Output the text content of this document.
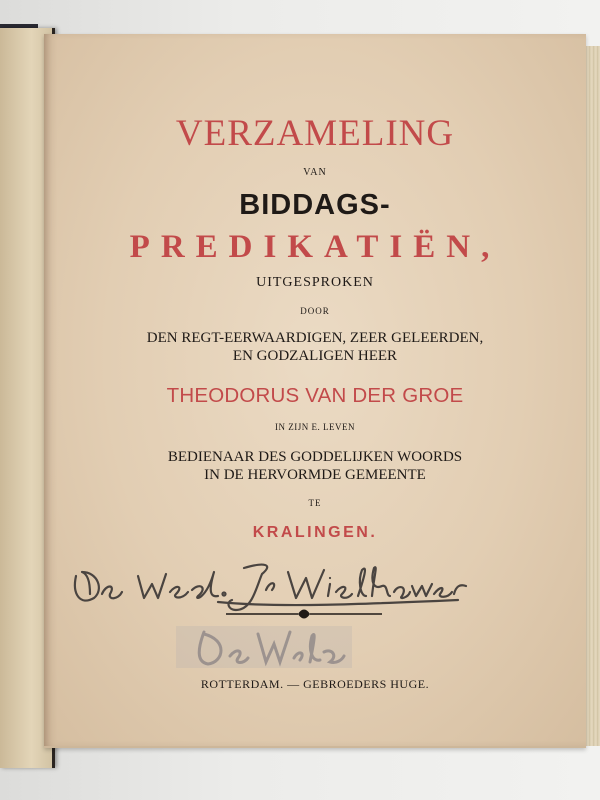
VERZAMELING
VAN
BIDDAGS-
PREDIKATIËN,
UITGESPROKEN
DOOR
DEN REGT-EERWAARDIGEN, ZEER GELEERDEN,
EN GODZALIGEN HEER
THEODORUS VAN DER GROE
IN ZIJN E. LEVEN
BEDIENAAR DES GODDELIJKEN WOORDS
IN DE HERVORMDE GEMEENTE
TE
KRALINGEN.
ROTTERDAM. — GEBROEDERS HUGE.
